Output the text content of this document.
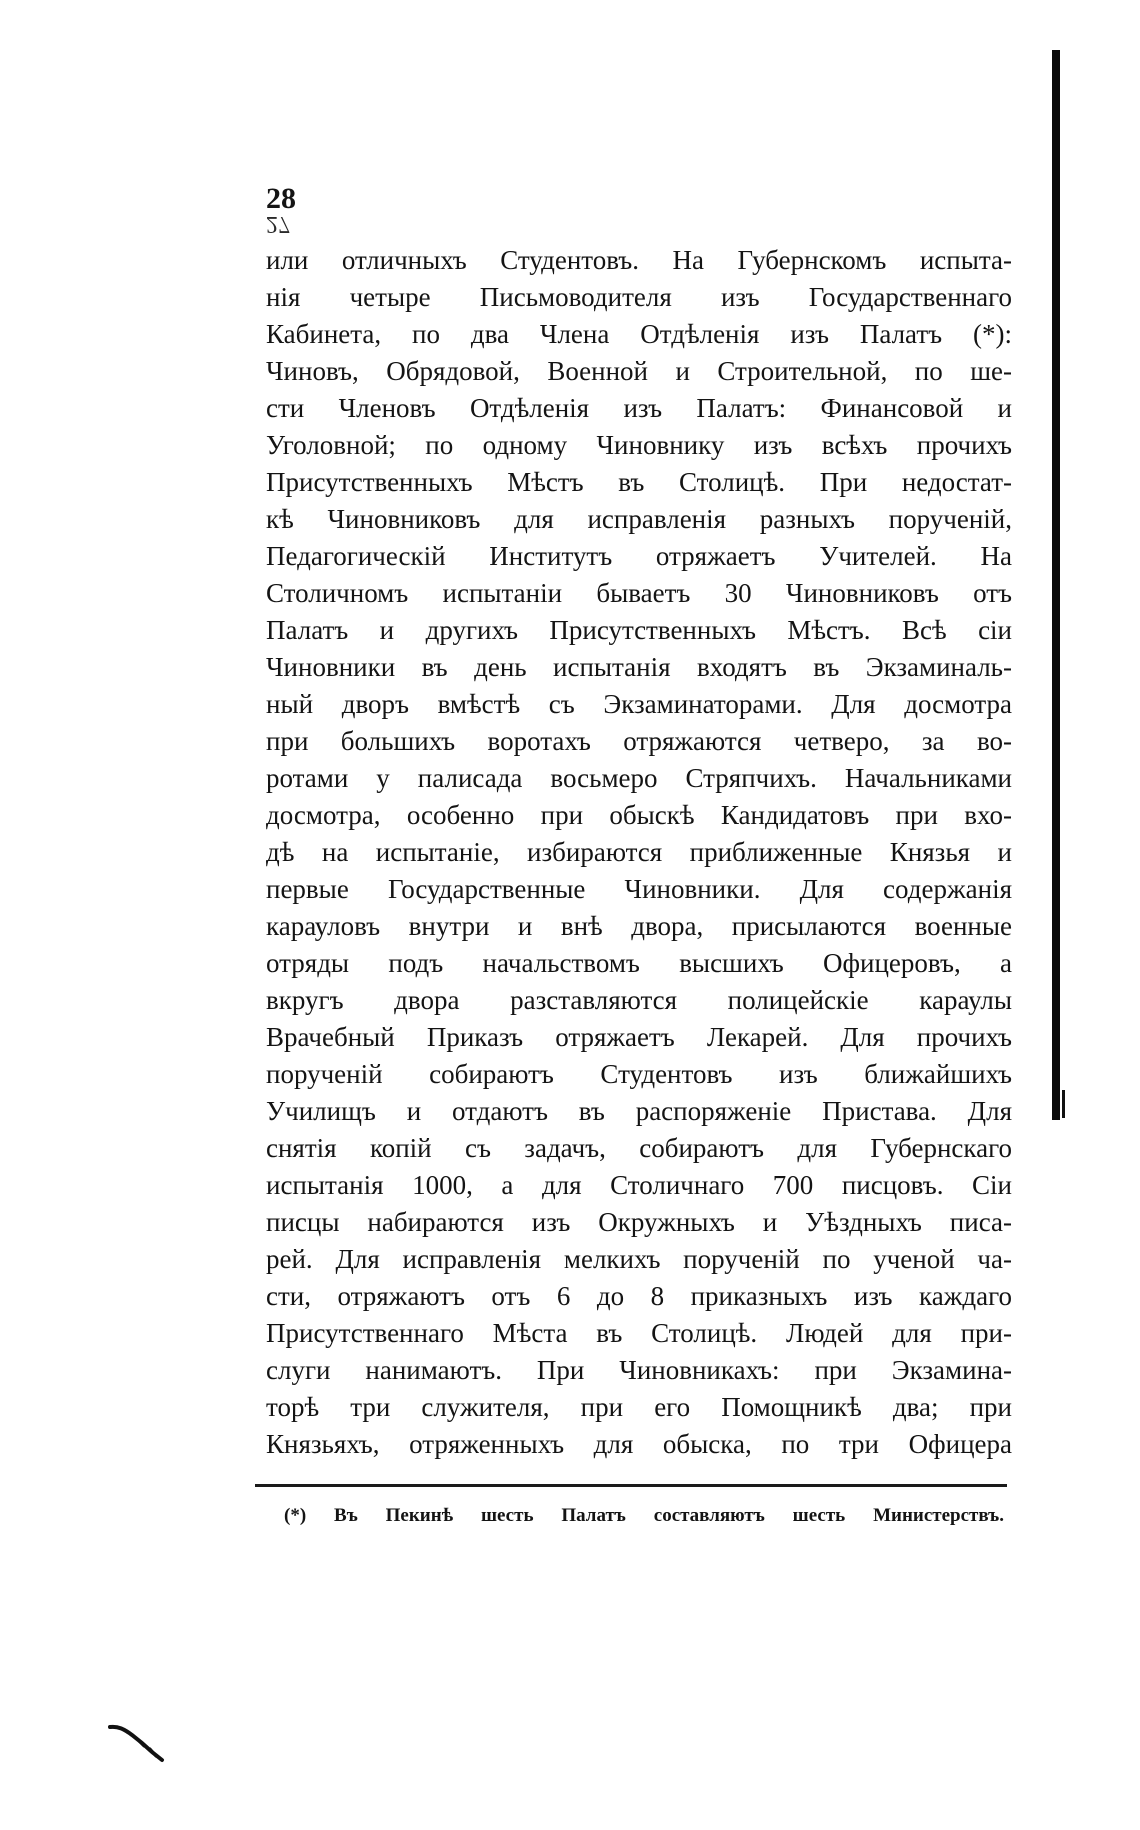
28
27
или отличныхъ Студентовъ. На Губернскомъ испыта-
нія четыре Письмоводителя изъ Государственнаго
Кабинета, по два Члена Отдѣленія изъ Палатъ (*):
Чиновъ, Обрядовой, Военной и Строительной, по ше-
сти Членовъ Отдѣленія изъ Палатъ: Финансовой и
Уголовной; по одному Чиновнику изъ всѣхъ прочихъ
Присутственныхъ Мѣстъ въ Столицѣ. При недостат-
кѣ Чиновниковъ для исправленія разныхъ порученій,
Педагогическій Институтъ отряжаетъ Учителей. На
Столичномъ испытаніи бываетъ 30 Чиновниковъ отъ
Палатъ и другихъ Присутственныхъ Мѣстъ. Всѣ сіи
Чиновники въ день испытанія входятъ въ Экзаминаль-
ный дворъ вмѣстѣ съ Экзаминаторами. Для досмотра
при большихъ воротахъ отряжаются четверо, за во-
ротами у палисада восьмеро Стряпчихъ. Начальниками
досмотра, особенно при обыскѣ Кандидатовъ при вхо-
дѣ на испытаніе, избираются приближенные Князья и
первые Государственные Чиновники. Для содержанія
карауловъ внутри и внѣ двора, присылаются военные
отряды подъ начальствомъ высшихъ Офицеровъ, а
вкругъ двора разставляются полицейскіе караулы
Врачебный Приказъ отряжаетъ Лекарей. Для прочихъ
порученій собираютъ Студентовъ изъ ближайшихъ
Училищъ и отдаютъ въ распоряженіе Пристава. Для
снятія копій съ задачъ, собираютъ для Губернскаго
испытанія 1000, а для Столичнаго 700 писцовъ. Сіи
писцы набираются изъ Окружныхъ и Уѣздныхъ писа-
рей. Для исправленія мелкихъ порученій по ученой ча-
сти, отряжаютъ отъ 6 до 8 приказныхъ изъ каждаго
Присутственнаго Мѣста въ Столицѣ. Людей для при-
слуги нанимаютъ. При Чиновникахъ: при Экзамина-
торѣ три служителя, при его Помощникѣ два; при
Князьяхъ, отряженныхъ для обыска, по три Офицера
(*) Въ Пекинѣ шесть Палатъ составляютъ шесть Министерствъ.
